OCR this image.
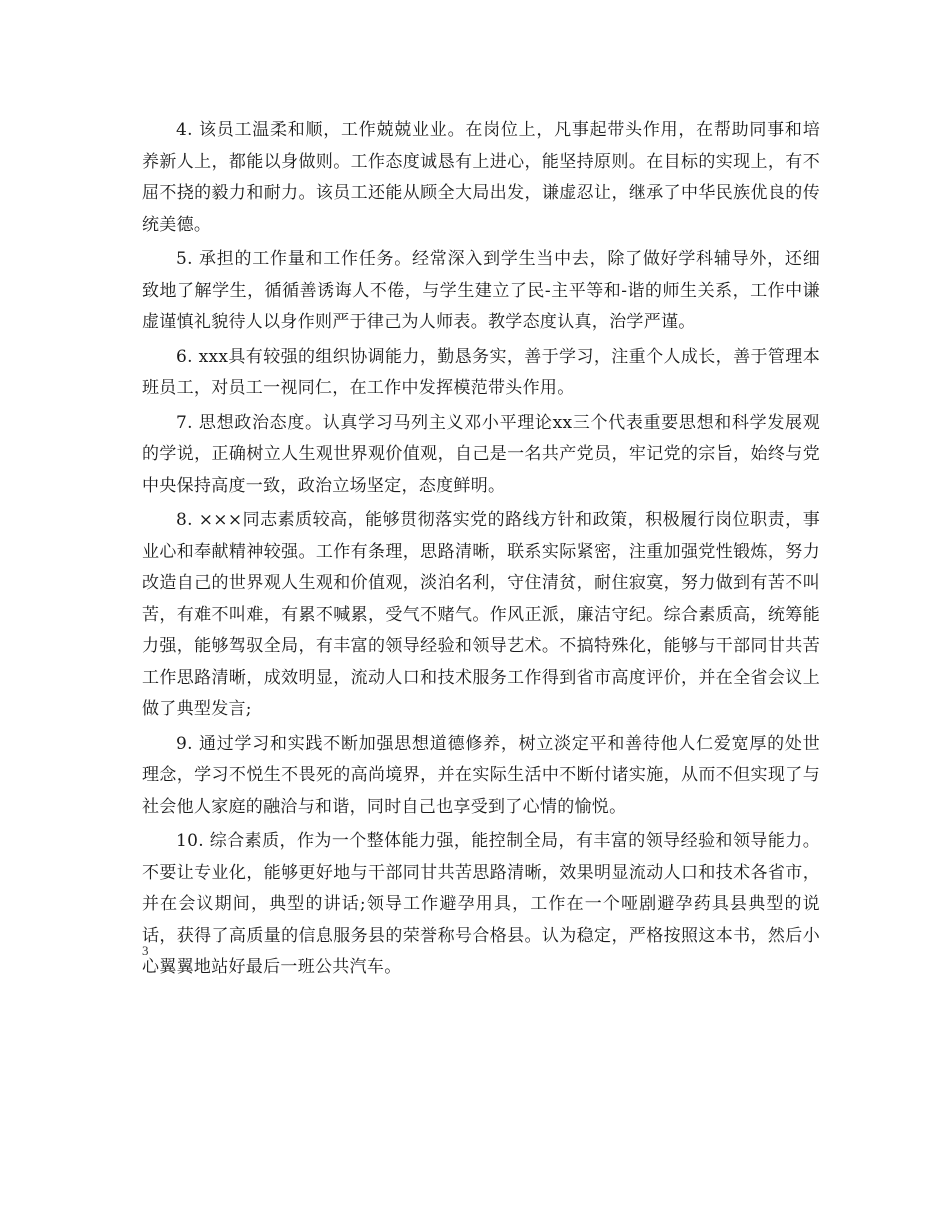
4. 该员工温柔和顺，工作兢兢业业。在岗位上，凡事起带头作用，在帮助同事和培养新人上，都能以身做则。工作态度诚恳有上进心，能坚持原则。在目标的实现上，有不屈不挠的毅力和耐力。该员工还能从顾全大局出发，谦虚忍让，继承了中华民族优良的传统美德。

5. 承担的工作量和工作任务。经常深入到学生当中去，除了做好学科辅导外，还细致地了解学生，循循善诱诲人不倦，与学生建立了民-主平等和-谐的师生关系，工作中谦虚谨慎礼貌待人以身作则严于律己为人师表。教学态度认真，治学严谨。

6. xxx具有较强的组织协调能力，勤恳务实，善于学习，注重个人成长，善于管理本班员工，对员工一视同仁，在工作中发挥模范带头作用。

7. 思想政治态度。认真学习马列主义邓小平理论xx三个代表重要思想和科学发展观的学说，正确树立人生观世界观价值观，自己是一名共产党员，牢记党的宗旨，始终与党中央保持高度一致，政治立场坚定，态度鲜明。

8. ×××同志素质较高，能够贯彻落实党的路线方针和政策，积极履行岗位职责，事业心和奉献精神较强。工作有条理，思路清晰，联系实际紧密，注重加强党性锻炼，努力改造自己的世界观人生观和价值观，淡泊名利，守住清贫，耐住寂寞，努力做到有苦不叫苦，有难不叫难，有累不喊累，受气不赌气。作风正派，廉洁守纪。综合素质高，统筹能力强，能够驾驭全局，有丰富的领导经验和领导艺术。不搞特殊化，能够与干部同甘共苦工作思路清晰，成效明显，流动人口和技术服务工作得到省市高度评价，并在全省会议上做了典型发言;

9. 通过学习和实践不断加强思想道德修养，树立淡定平和善待他人仁爱宽厚的处世理念，学习不悦生不畏死的高尚境界，并在实际生活中不断付诸实施，从而不但实现了与社会他人家庭的融洽与和谐，同时自己也享受到了心情的愉悦。

10. 综合素质，作为一个整体能力强，能控制全局，有丰富的领导经验和领导能力。不要让专业化，能够更好地与干部同甘共苦思路清晰，效果明显流动人口和技术各省市，并在会议期间，典型的讲话;领导工作避孕用具，工作在一个哑剧避孕药具县典型的说话，获得了高质量的信息服务县的荣誉称号合格县。认为稳定，严格按照这本书，然后小心翼翼地站好最后一班公共汽车。

3
